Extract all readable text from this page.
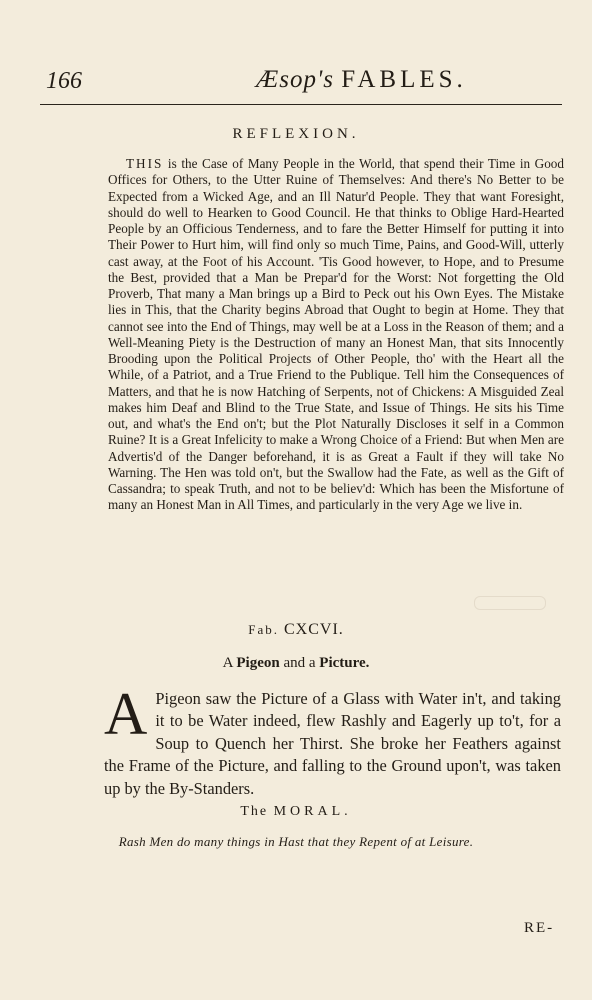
166	Æsop's FABLES.
REFLEXION.

THIS is the Case of Many People in the World, that spend their Time in Good Offices for Others, to the Utter Ruine of Themselves: And there's No Better to be Expected from a Wicked Age, and an Ill Natur'd People. They that want Foresight, should do well to Hearken to Good Council. He that thinks to Oblige Hard-Hearted People by an Officious Tenderness, and to fare the Better Himself for putting it into Their Power to Hurt him, will find only so much Time, Pains, and Good-Will, utterly cast away, at the Foot of his Account. 'Tis Good however, to Hope, and to Presume the Best, provided that a Man be Prepar'd for the Worst: Not forgetting the Old Proverb, That many a Man brings up a Bird to Peck out his Own Eyes. The Mistake lies in This, that the Charity begins Abroad that Ought to begin at Home. They that cannot see into the End of Things, may well be at a Loss in the Reason of them; and a Well-Meaning Piety is the Destruction of many an Honest Man, that sits Innocently Brooding upon the Political Projects of Other People, tho' with the Heart all the While, of a Patriot, and a True Friend to the Publique. Tell him the Consequences of Matters, and that he is now Hatching of Serpents, not of Chickens: A Misguided Zeal makes him Deaf and Blind to the True State, and Issue of Things. He sits his Time out, and what's the End on't; but the Plot Naturally Discloses it self in a Common Ruine? It is a Great Infelicity to make a Wrong Choice of a Friend: But when Men are Advertis'd of the Danger beforehand, it is as Great a Fault if they will take No Warning. The Hen was told on't, but the Swallow had the Fate, as well as the Gift of Cassandra; to speak Truth, and not to be believ'd: Which has been the Misfortune of many an Honest Man in All Times, and particularly in the very Age we live in.

Fab. CXCVI.
A Pigeon and a Picture.

A Pigeon saw the Picture of a Glass with Water in't, and taking it to be Water indeed, flew Rashly and Eagerly up to't, for a Soup to Quench her Thirst. She broke her Feathers against the Frame of the Picture, and falling to the Ground upon't, was taken up by the By-Standers.

The MORAL.
Rash Men do many things in Hast that they Repent of at Leisure.
RE-
